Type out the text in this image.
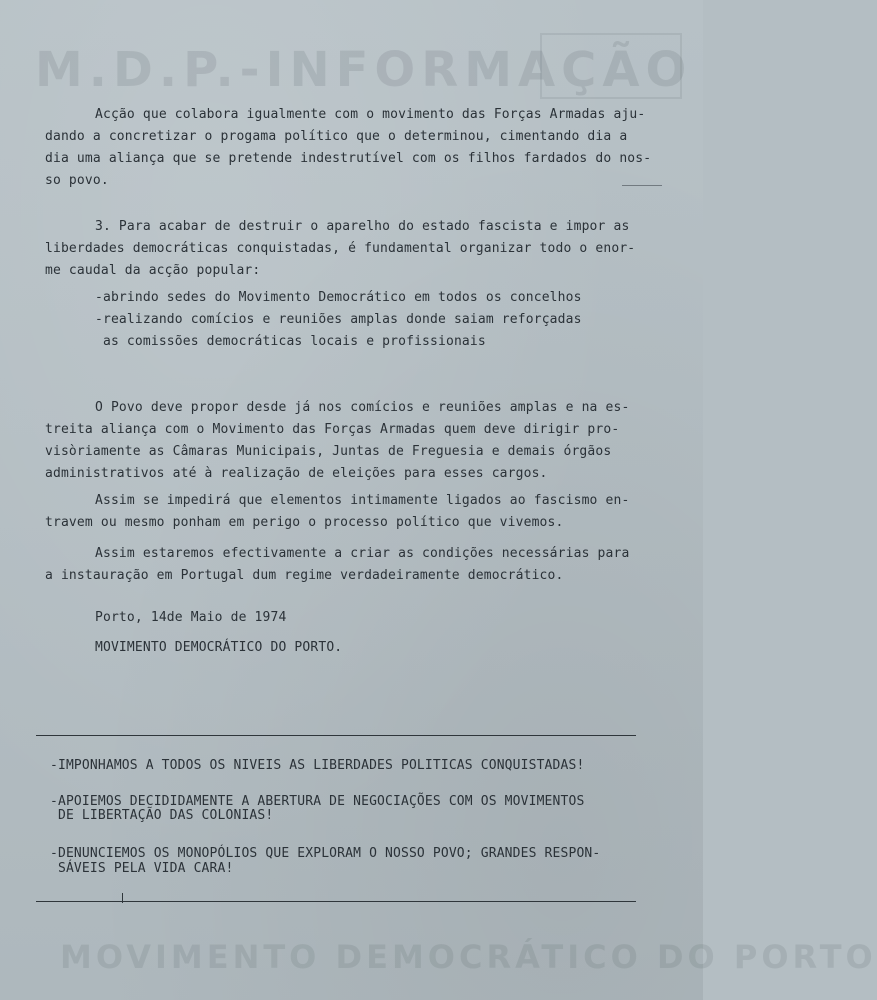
M.D.P.-INFORMAÇÃO
Acção que colabora igualmente com o movimento das Forças Armadas aju-
dando a concretizar o progama político que o determinou, cimentando dia a
dia uma aliança que se pretende indestrutível com os filhos fardados do nos-
so povo.
3. Para acabar de destruir o aparelho do estado fascista e impor as
liberdades democráticas conquistadas, é fundamental organizar todo o enor-
me caudal da acção popular:
-abrindo sedes do Movimento Democrático em todos os concelhos
-realizando comícios e reuniões amplas donde saiam reforçadas
as comissões democráticas locais e profissionais
O Povo deve propor desde já nos comícios e reuniões amplas e na es-
treita aliança com o Movimento das Forças Armadas quem deve dirigir pro-
visòriamente as Câmaras Municipais, Juntas de Freguesia e demais órgãos
administrativos até à realização de eleições para esses cargos.
Assim se impedirá que elementos intimamente ligados ao fascismo en-
travem ou mesmo ponham em perigo o processo político que vivemos.
Assim estaremos efectivamente a criar as condições necessárias para
a instauração em Portugal dum regime verdadeiramente democrático.
Porto, 14de Maio de 1974
MOVIMENTO DEMOCRÁTICO DO PORTO.
-IMPONHAMOS A TODOS OS NIVEIS AS LIBERDADES POLITICAS CONQUISTADAS!
-APOIEMOS DECIDIDAMENTE A ABERTURA DE NEGOCIAÇÕES COM OS MOVIMENTOS
DE LIBERTAÇÃO DAS COLONIAS!
-DENUNCIEMOS OS MONOPÓLIOS QUE EXPLORAM O NOSSO POVO; GRANDES RESPON-
SÁVEIS PELA VIDA CARA!
MOVIMENTO DEMOCRÁTICO DO PORTO
